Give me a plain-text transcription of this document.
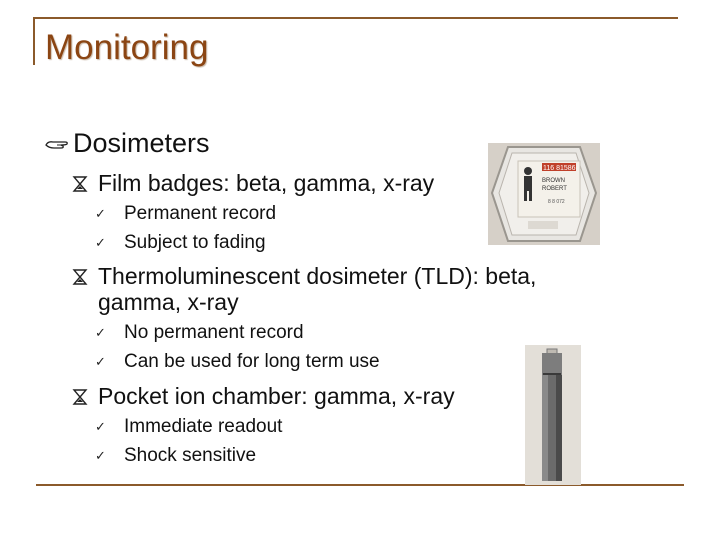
Monitoring
Dosimeters
Film badges: beta, gamma, x-ray
✓ Permanent record
✓ Subject to fading
Thermoluminescent dosimeter (TLD): beta,
gamma, x-ray
✓ No permanent record
✓ Can be used for long term use
Pocket ion chamber: gamma, x-ray
✓ Immediate readout
✓ Shock sensitive
116 81586
BROWN
ROBERT
8 8 072
